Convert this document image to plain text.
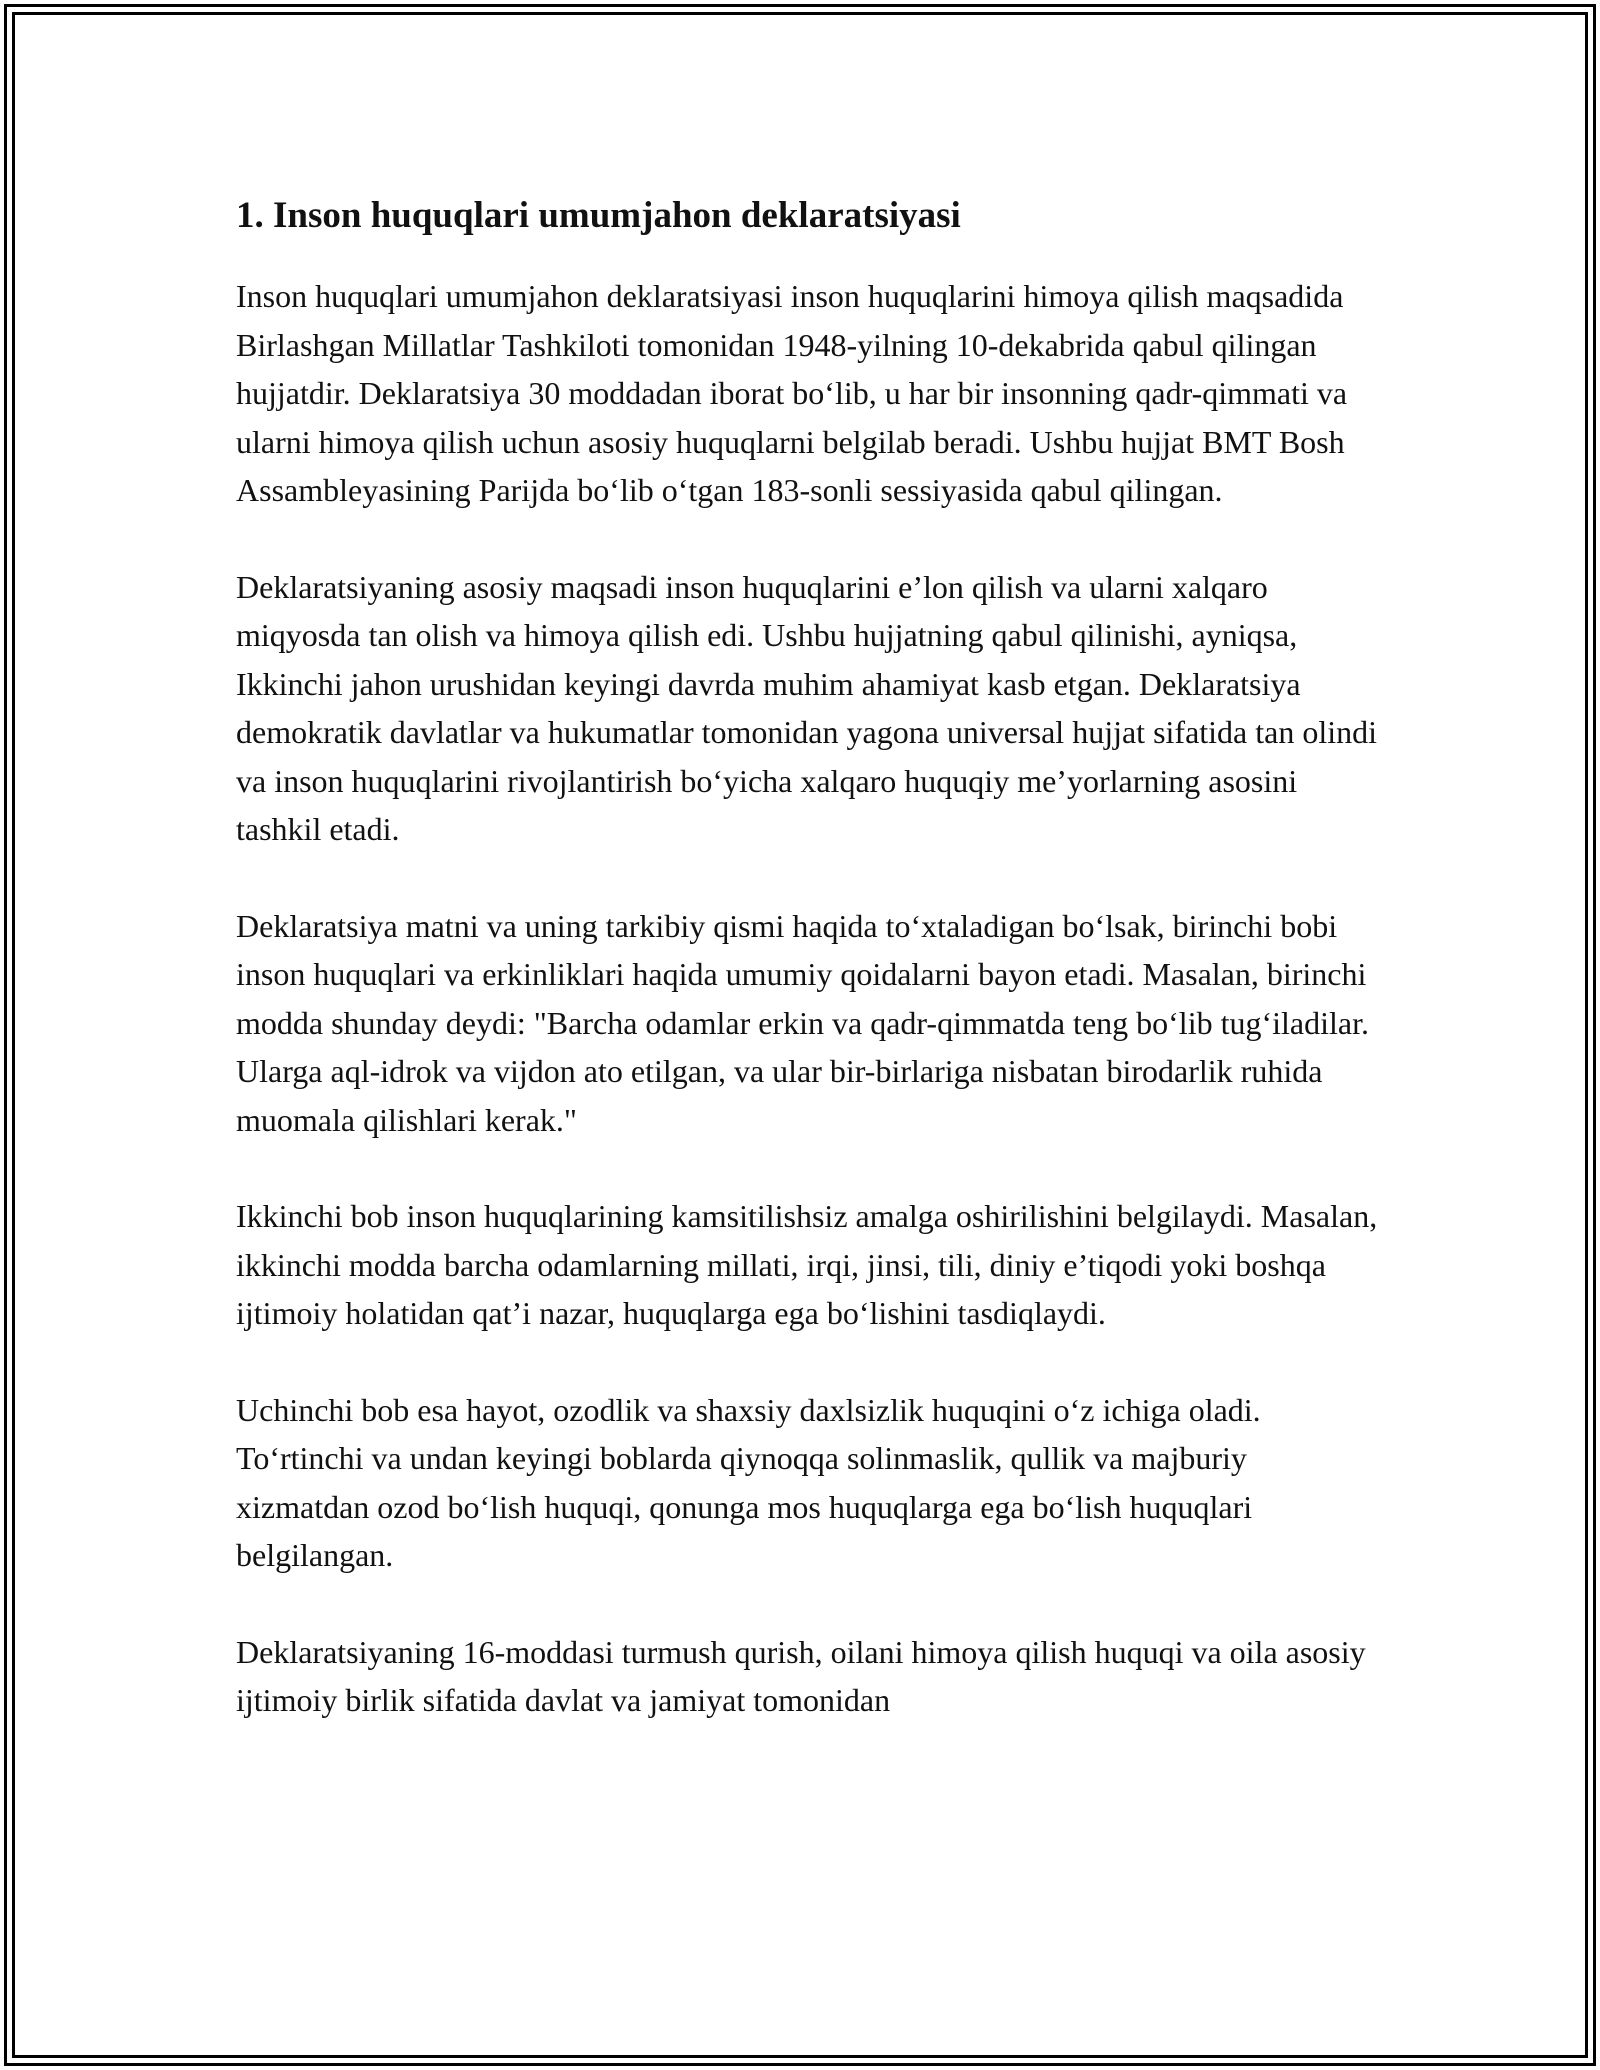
1. Inson huquqlari umumjahon deklaratsiyasi

Inson huquqlari umumjahon deklaratsiyasi inson huquqlarini himoya qilish maqsadida Birlashgan Millatlar Tashkiloti tomonidan 1948-yilning 10-dekabrida qabul qilingan hujjatdir. Deklaratsiya 30 moddadan iborat bo‘lib, u har bir insonning qadr-qimmati va ularni himoya qilish uchun asosiy huquqlarni belgilab beradi. Ushbu hujjat BMT Bosh Assambleyasining Parijda bo‘lib o‘tgan 183-sonli sessiyasida qabul qilingan.

Deklaratsiyaning asosiy maqsadi inson huquqlarini e’lon qilish va ularni xalqaro miqyosda tan olish va himoya qilish edi. Ushbu hujjatning qabul qilinishi, ayniqsa, Ikkinchi jahon urushidan keyingi davrda muhim ahamiyat kasb etgan. Deklaratsiya demokratik davlatlar va hukumatlar tomonidan yagona universal hujjat sifatida tan olindi va inson huquqlarini rivojlantirish bo‘yicha xalqaro huquqiy me’yorlarning asosini tashkil etadi.

Deklaratsiya matni va uning tarkibiy qismi haqida to‘xtaladigan bo‘lsak, birinchi bobi inson huquqlari va erkinliklari haqida umumiy qoidalarni bayon etadi. Masalan, birinchi modda shunday deydi: "Barcha odamlar erkin va qadr-qimmatda teng bo‘lib tug‘iladilar. Ularga aql-idrok va vijdon ato etilgan, va ular bir-birlariga nisbatan birodarlik ruhida muomala qilishlari kerak."

Ikkinchi bob inson huquqlarining kamsitilishsiz amalga oshirilishini belgilaydi. Masalan, ikkinchi modda barcha odamlarning millati, irqi, jinsi, tili, diniy e’tiqodi yoki boshqa ijtimoiy holatidan qat’i nazar, huquqlarga ega bo‘lishini tasdiqlaydi.

Uchinchi bob esa hayot, ozodlik va shaxsiy daxlsizlik huquqini o‘z ichiga oladi. To‘rtinchi va undan keyingi boblarda qiynoqqa solinmaslik, qullik va majburiy xizmatdan ozod bo‘lish huquqi, qonunga mos huquqlarga ega bo‘lish huquqlari belgilangan.

Deklaratsiyaning 16-moddasi turmush qurish, oilani himoya qilish huquqi va oila asosiy ijtimoiy birlik sifatida davlat va jamiyat tomonidan
